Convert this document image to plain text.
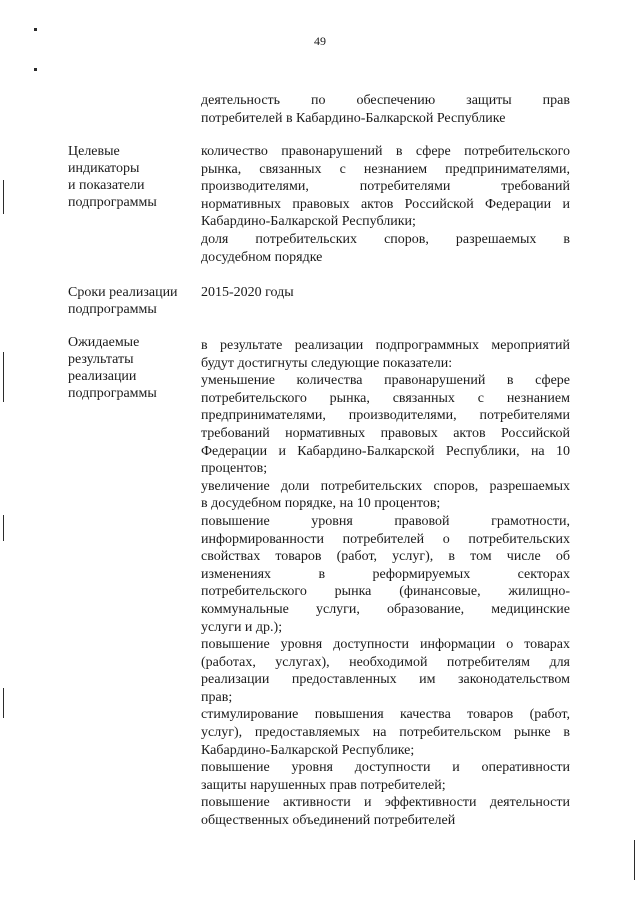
49
деятельность по обеспечению защиты прав
потребителей в Кабардино-Балкарской Республике
Целевые
индикаторы
и показатели
подпрограммы
количество правонарушений в сфере потребительского
рынка, связанных с незнанием предпринимателями,
производителями, потребителями требований
нормативных правовых актов Российской Федерации и
Кабардино-Балкарской Республики;
доля потребительских споров, разрешаемых в
досудебном порядке
Сроки реализации
подпрограммы
2015-2020 годы
Ожидаемые
результаты
реализации
подпрограммы
в результате реализации подпрограммных мероприятий
будут достигнуты следующие показатели:
уменьшение количества правонарушений в сфере
потребительского рынка, связанных с незнанием
предпринимателями, производителями, потребителями
требований нормативных правовых актов Российской
Федерации и Кабардино-Балкарской Республики, на 10
процентов;
увеличение доли потребительских споров, разрешаемых
в досудебном порядке, на 10 процентов;
повышение уровня правовой грамотности,
информированности потребителей о потребительских
свойствах товаров (работ, услуг), в том числе об
изменениях в реформируемых секторах
потребительского рынка (финансовые, жилищно-
коммунальные услуги, образование, медицинские
услуги и др.);
повышение уровня доступности информации о товарах
(работах, услугах), необходимой потребителям для
реализации предоставленных им законодательством
прав;
стимулирование повышения качества товаров (работ,
услуг), предоставляемых на потребительском рынке в
Кабардино-Балкарской Республике;
повышение уровня доступности и оперативности
защиты нарушенных прав потребителей;
повышение активности и эффективности деятельности
общественных объединений потребителей
